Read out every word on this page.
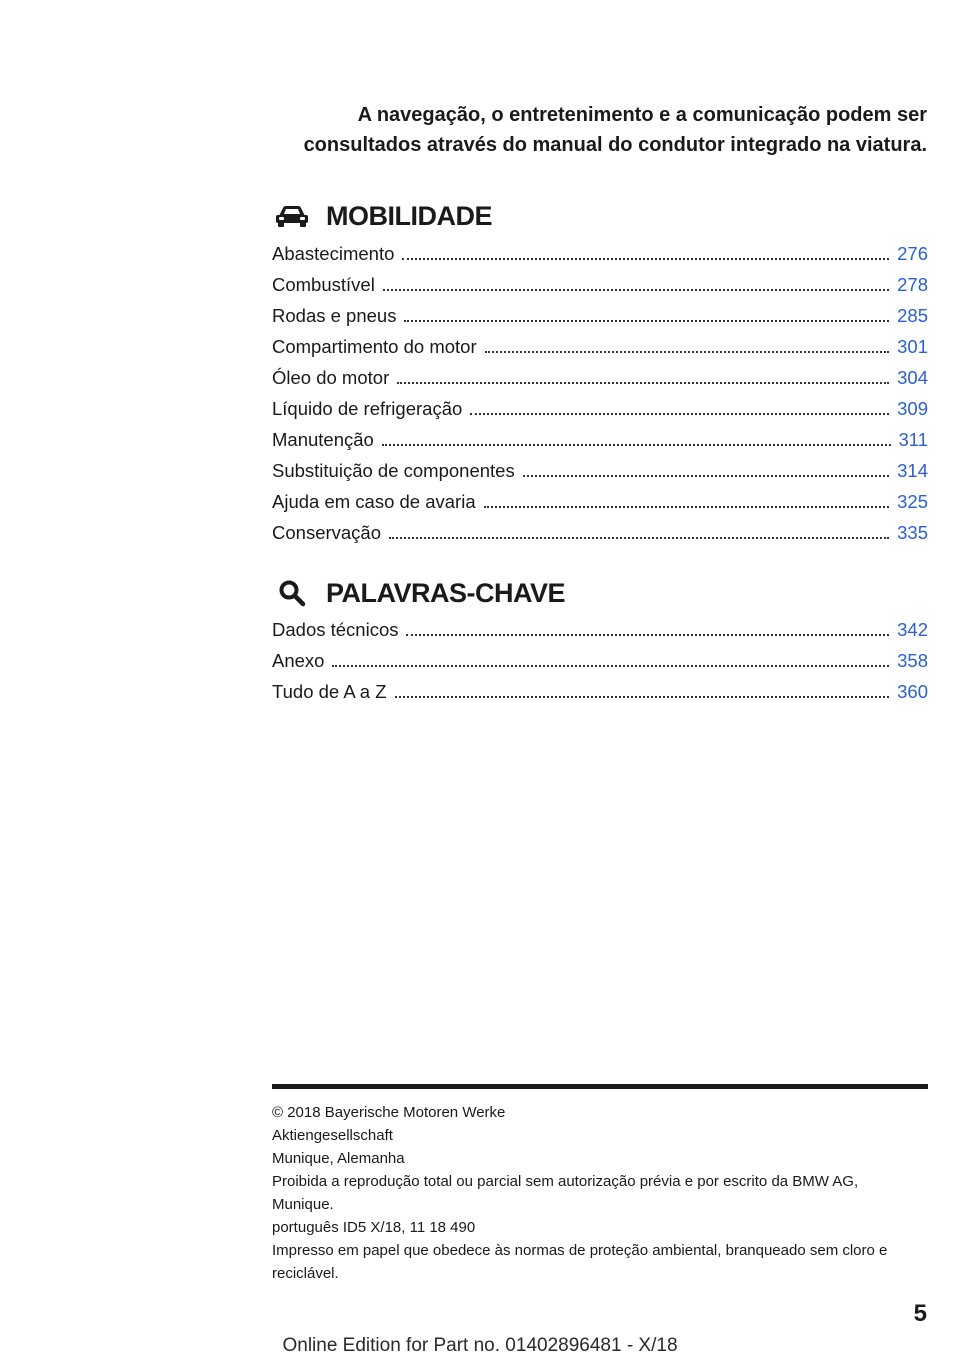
A navegação, o entretenimento e a comunicação podem ser
consultados através do manual do condutor integrado na viatura.
MOBILIDADE
Abastecimento	276
Combustível	278
Rodas e pneus	285
Compartimento do motor	301
Óleo do motor	304
Líquido de refrigeração	309
Manutenção	311
Substituição de componentes	314
Ajuda em caso de avaria	325
Conservação	335
PALAVRAS-CHAVE
Dados técnicos	342
Anexo	358
Tudo de A a Z	360
© 2018 Bayerische Motoren Werke
Aktiengesellschaft
Munique, Alemanha
Proibida a reprodução total ou parcial sem autorização prévia e por escrito da BMW AG,
Munique.
português ID5 X/18, 11 18 490
Impresso em papel que obedece às normas de proteção ambiental, branqueado sem cloro e
reciclável.
5
Online Edition for Part no. 01402896481 - X/18
